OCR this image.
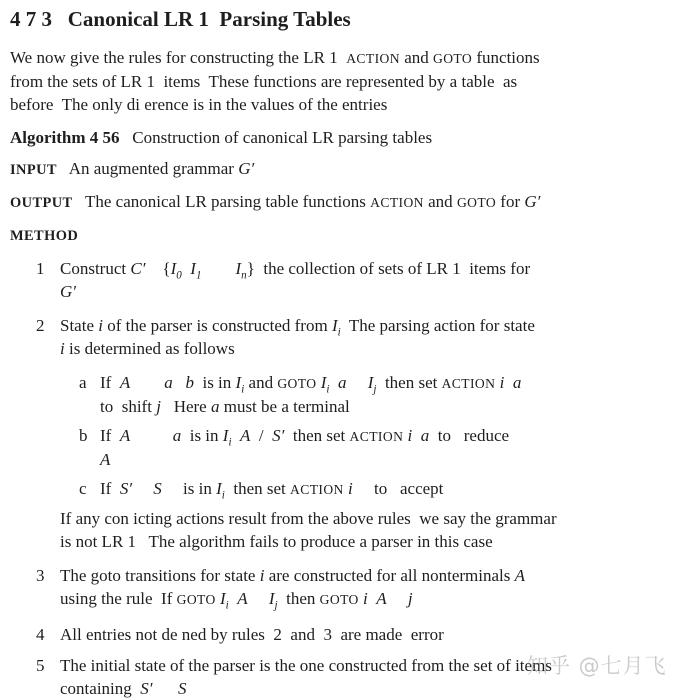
4 7 3   Canonical LR 1  Parsing Tables
We now give the rules for constructing the LR 1  ACTION and GOTO functions
from the sets of LR 1  items  These functions are represented by a table  as
before  The only di erence is in the values of the entries
Algorithm 4 56   Construction of canonical LR parsing tables
INPUT   An augmented grammar G′
OUTPUT   The canonical LR parsing table functions ACTION and GOTO for G′
METHOD
1 Construct C′    {$I_0$ $I_1$ $I_n$}  the collection of sets of LR 1  items for
G′
2 State i of the parser is constructed from $I_i$  The parsing action for state
i is determined as follows
a If  A a b  is in $I_i$ and GOTO $I_i$ a $I_j$  then set ACTION i a
to  shift j   Here a must be a terminal
b If  A	a  is in $I_i$ A  /  S′  then set ACTION i a  to   reduce
A
c If  S′ S     is in $I_i$  then set ACTION i     to   accept
If any con icting actions result from the above rules  we say the grammar
is not LR 1   The algorithm fails to produce a parser in this case
3 The goto transitions for state i are constructed for all nonterminals A
using the rule  If GOTO $I_i$ A $I_j$  then GOTO i A j
4 All entries not de ned by rules  2  and  3  are made  error
5 The initial state of the parser is the one constructed from the set of items
containing  S′ S
知乎 @七月飞
